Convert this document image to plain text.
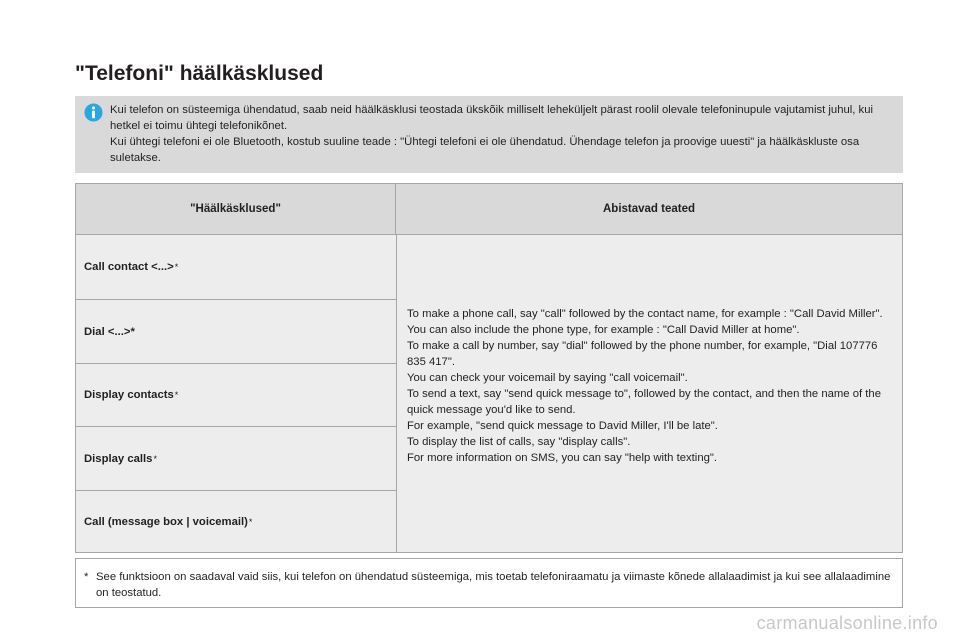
"Telefoni" häälkäsklused

Kui telefon on süsteemiga ühendatud, saab neid häälkäsklusi teostada ükskõik milliselt leheküljelt pärast roolil olevale telefoninupule vajutamist juhul, kui hetkel ei toimu ühtegi telefonikõnet.

Kui ühtegi telefoni ei ole Bluetooth, kostub suuline teade : "Ühtegi telefoni ei ole ühendatud. Ühendage telefon ja proovige uuesti" ja häälkäskluste osa suletakse.

"Häälkäsklused"	Abistavad teated
Call contact <...> *
Dial <...>*
Display contacts *
Display calls *
Call (message box | voicemail) *

To make a phone call, say "call" followed by the contact name, for example : "Call David Miller".

You can also include the phone type, for example : "Call David Miller at home".

To make a call by number, say "dial" followed by the phone number, for example, "Dial 107776 835 417".

You can check your voicemail by saying "call voicemail".

To send a text, say "send quick message to", followed by the contact, and then the name of the quick message you'd like to send.

For example, "send quick message to David Miller, I'll be late".

To display the list of calls, say "display calls".

For more information on SMS, you can say "help with texting".

* See funktsioon on saadaval vaid siis, kui telefon on ühendatud süsteemiga, mis toetab telefoniraamatu ja viimaste kõnede allalaadimist ja kui see allalaadimine on teostatud.
carmanualsonline.info
